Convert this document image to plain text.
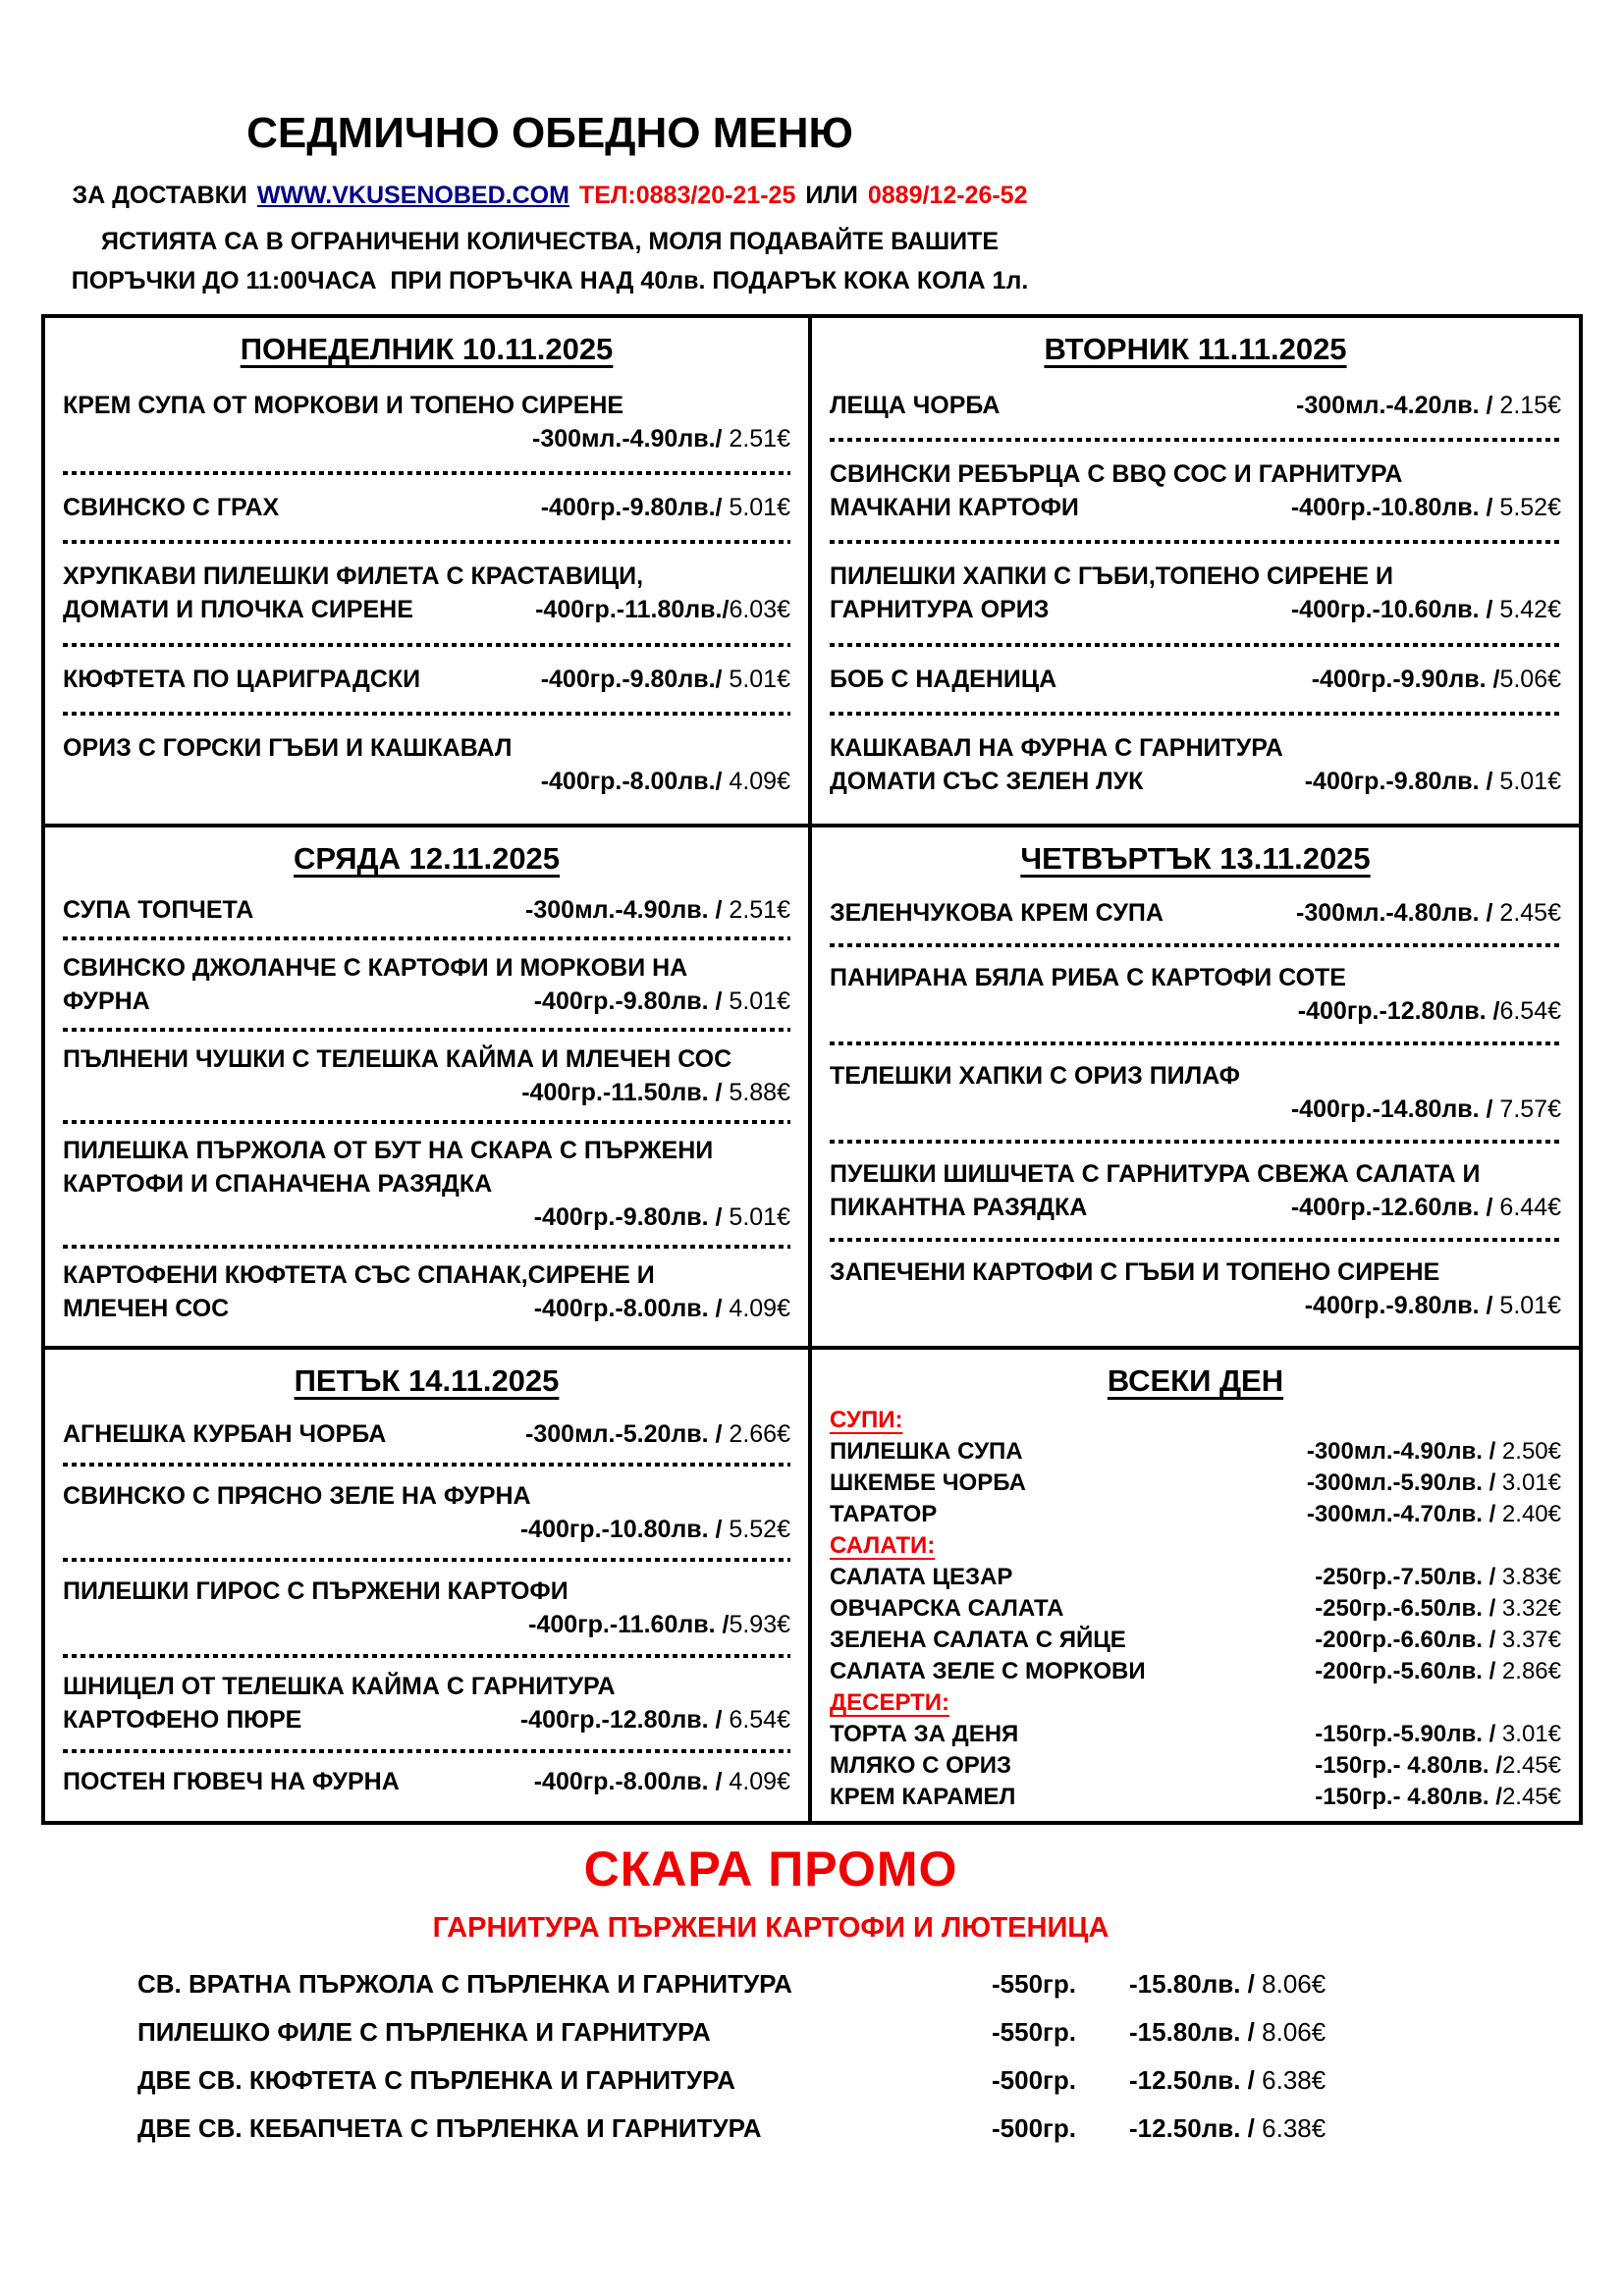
СЕДМИЧНО ОБЕДНО МЕНЮ
ЗА ДОСТАВКИ WWW.VKUSENOBED.COM ТЕЛ:0883/20-21-25 ИЛИ 0889/12-26-52
ЯСТИЯТА СА В ОГРАНИЧЕНИ КОЛИЧЕСТВА, МОЛЯ ПОДАВАЙТЕ ВАШИТЕ
ПОРЪЧКИ ДО 11:00ЧАСА  ПРИ ПОРЪЧКА НАД 40лв. ПОДАРЪК КОКА КОЛА 1л.
ПОНЕДЕЛНИК 10.11.2025
КРЕМ СУПА ОТ МОРКОВИ И ТОПЕНО СИРЕНЕ
-300мл.-4.90лв./ 2.51€
СВИНСКО С ГРАХ	-400гр.-9.80лв./ 5.01€
ХРУПКАВИ ПИЛЕШКИ ФИЛЕТА С КРАСТАВИЦИ,
ДОМАТИ И ПЛОЧКА СИРЕНЕ	-400гр.-11.80лв./6.03€
КЮФТЕТА ПО ЦАРИГРАДСКИ	-400гр.-9.80лв./ 5.01€
ОРИЗ С ГОРСКИ ГЪБИ И КАШКАВАЛ
-400гр.-8.00лв./ 4.09€
ВТОРНИК 11.11.2025
ЛЕЩА ЧОРБА	-300мл.-4.20лв. / 2.15€
СВИНСКИ РЕБЪРЦА С BBQ СОС И ГАРНИТУРА
МАЧКАНИ КАРТОФИ	-400гр.-10.80лв. / 5.52€
ПИЛЕШКИ ХАПКИ С ГЪБИ,ТОПЕНО СИРЕНЕ И
ГАРНИТУРА ОРИЗ	-400гр.-10.60лв. / 5.42€
БОБ С НАДЕНИЦА	-400гр.-9.90лв. /5.06€
КАШКАВАЛ НА ФУРНА С ГАРНИТУРА
ДОМАТИ СЪС ЗЕЛЕН ЛУК	-400гр.-9.80лв. / 5.01€
СРЯДА 12.11.2025
СУПА ТОПЧЕТА	-300мл.-4.90лв. / 2.51€
СВИНСКО ДЖОЛАНЧЕ С КАРТОФИ И МОРКОВИ НА
ФУРНА	-400гр.-9.80лв. / 5.01€
ПЪЛНЕНИ ЧУШКИ С ТЕЛЕШКА КАЙМА И МЛЕЧЕН СОС
-400гр.-11.50лв. / 5.88€
ПИЛЕШКА ПЪРЖОЛА ОТ БУТ НА СКАРА С ПЪРЖЕНИ
КАРТОФИ И СПАНАЧЕНА РАЗЯДКА
-400гр.-9.80лв. / 5.01€
КАРТОФЕНИ КЮФТЕТА СЪС СПАНАК,СИРЕНЕ И
МЛЕЧЕН СОС	-400гр.-8.00лв. / 4.09€
ЧЕТВЪРТЪК 13.11.2025
ЗЕЛЕНЧУКОВА КРЕМ СУПА	-300мл.-4.80лв. / 2.45€
ПАНИРАНА БЯЛА РИБА С КАРТОФИ СОТЕ
-400гр.-12.80лв. /6.54€
ТЕЛЕШКИ ХАПКИ С ОРИЗ ПИЛАФ
-400гр.-14.80лв. / 7.57€
ПУЕШКИ ШИШЧЕТА С ГАРНИТУРА СВЕЖА САЛАТА И
ПИКАНТНА РАЗЯДКА	-400гр.-12.60лв. / 6.44€
ЗАПЕЧЕНИ КАРТОФИ С ГЪБИ И ТОПЕНО СИРЕНЕ
-400гр.-9.80лв. / 5.01€
ПЕТЪК 14.11.2025
АГНЕШКА КУРБАН ЧОРБА	-300мл.-5.20лв. / 2.66€
СВИНСКО С ПРЯСНО ЗЕЛЕ НА ФУРНА
-400гр.-10.80лв. / 5.52€
ПИЛЕШКИ ГИРОС С ПЪРЖЕНИ КАРТОФИ
-400гр.-11.60лв. /5.93€
ШНИЦЕЛ ОТ ТЕЛЕШКА КАЙМА С ГАРНИТУРА
КАРТОФЕНО ПЮРЕ	-400гр.-12.80лв. / 6.54€
ПОСТЕН ГЮВЕЧ НА ФУРНА	-400гр.-8.00лв. / 4.09€
ВСЕКИ ДЕН
СУПИ:
ПИЛЕШКА СУПА	-300мл.-4.90лв. / 2.50€
ШКЕМБЕ ЧОРБА	-300мл.-5.90лв. / 3.01€
ТАРАТОР	-300мл.-4.70лв. / 2.40€
САЛАТИ:
САЛАТА ЦЕЗАР	-250гр.-7.50лв. / 3.83€
ОВЧАРСКА САЛАТА	-250гр.-6.50лв. / 3.32€
ЗЕЛЕНА САЛАТА С ЯЙЦЕ	-200гр.-6.60лв. / 3.37€
САЛАТА ЗЕЛЕ С МОРКОВИ	-200гр.-5.60лв. / 2.86€
ДЕСЕРТИ:
ТОРТА ЗА ДЕНЯ	-150гр.-5.90лв. / 3.01€
МЛЯКО С ОРИЗ	-150гр.- 4.80лв. /2.45€
КРЕМ КАРАМЕЛ	-150гр.- 4.80лв. /2.45€
СКАРА ПРОМО
ГАРНИТУРА ПЪРЖЕНИ КАРТОФИ И ЛЮТЕНИЦА
СВ. ВРАТНА ПЪРЖОЛА С ПЪРЛЕНКА И ГАРНИТУРА	-550гр.	-15.80лв. / 8.06€
ПИЛЕШКО ФИЛЕ С ПЪРЛЕНКА И ГАРНИТУРА	-550гр.	-15.80лв. / 8.06€
ДВЕ СВ. КЮФТЕТА С ПЪРЛЕНКА И ГАРНИТУРА	-500гр.	-12.50лв. / 6.38€
ДВЕ СВ. КЕБАПЧЕТА С ПЪРЛЕНКА И ГАРНИТУРА	-500гр.	-12.50лв. / 6.38€
